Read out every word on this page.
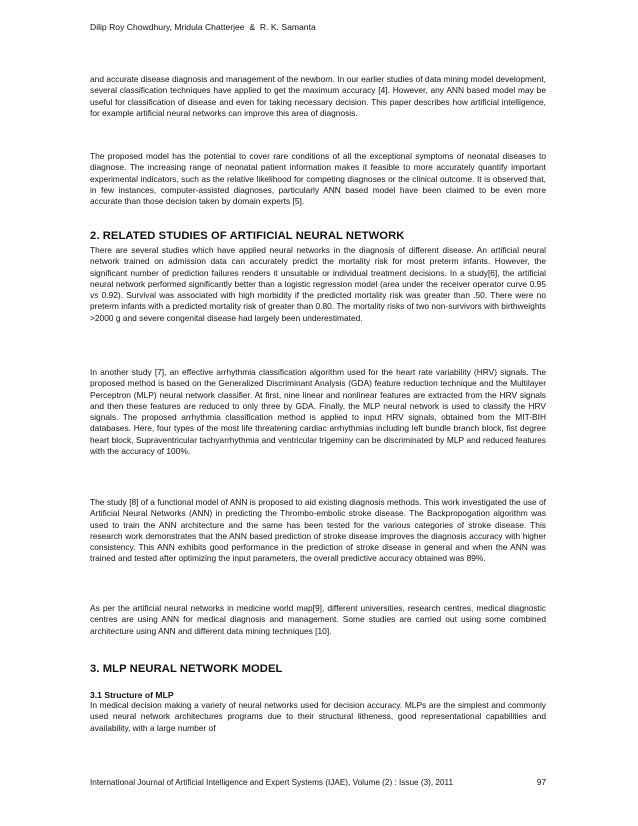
Dilip Roy Chowdhury, Mridula Chatterjee  &  R. K. Samanta

and accurate disease diagnosis and management of the newborn. In our earlier studies of data mining model development, several classification techniques have applied to get the maximum accuracy [4]. However, any ANN based model may be useful for classification of disease and even for taking necessary decision. This paper describes how artificial intelligence, for example artificial neural networks can improve this area of diagnosis.

The proposed model has the potential to cover rare conditions of all the exceptional symptoms of neonatal diseases to diagnose. The increasing range of neonatal patient information makes it feasible to more accurately quantify important experimental indicators, such as the relative likelihood for competing diagnoses or the clinical outcome. It is observed that, in few instances, computer-assisted diagnoses, particularly ANN based model have been claimed to be even more accurate than those decision taken by domain experts [5].

2. RELATED STUDIES OF ARTIFICIAL NEURAL NETWORK

There are several studies which have applied neural networks in the diagnosis of different disease. An artificial neural network trained on admission data can accurately predict the mortality risk for most preterm infants. However, the significant number of prediction failures renders it unsuitable or individual treatment decisions. In a study[6], the artificial neural network performed significantly better than a logistic regression model (area under the receiver operator curve 0.95 vs 0.92). Survival was associated with high morbidity if the predicted mortality risk was greater than .50. There were no preterm infants with a predicted mortality risk of greater than 0.80. The mortality risks of two non-survivors with birthweights >2000 g and severe congenital disease had largely been underestimated.

In another study [7], an effective arrhythmia classification algorithm used for the heart rate variability (HRV) signals. The proposed method is based on the Generalized Discriminant Analysis (GDA) feature reduction technique and the Multilayer Perceptron (MLP) neural network classifier. At first, nine linear and nonlinear features are extracted from the HRV signals and then these features are reduced to only three by GDA. Finally, the MLP neural network is used to classify the HRV signals. The proposed arrhythmia classification method is applied to input HRV signals, obtained from the MIT-BIH databases. Here, four types of the most life threatening cardiac arrhythmias including left bundle branch block, fist degree heart block, Supraventricular tachyarrhythmia and ventricular trigeminy can be discriminated by MLP and reduced features with the accuracy of 100%.

The study [8] of a functional model of ANN is proposed to aid existing diagnosis methods. This work investigated the use of Artificial Neural Networks (ANN) in predicting the Thrombo-embolic stroke disease. The Backpropogation algorithm was used to train the ANN architecture and the same has been tested for the various categories of stroke disease. This research work demonstrates that the ANN based prediction of stroke disease improves the diagnosis accuracy with higher consistency. This ANN exhibits good performance in the prediction of stroke disease in general and when the ANN was trained and tested after optimizing the input parameters, the overall predictive accuracy obtained was 89%.

As per the artificial neural networks in medicine world map[9], different universities, research centres, medical diagnostic centres are using ANN for medical diagnosis and management. Some studies are carried out using some combined architecture using ANN and different data mining techniques [10].

3. MLP NEURAL NETWORK MODEL
3.1 Structure of MLP

In medical decision making a variety of neural networks used for decision accuracy. MLPs are the simplest and commonly used neural network architectures programs due to their structural litheness, good representational capabilities and availability, with a large number of

International Journal of Artificial Intelligence and Expert Systems (IJAE), Volume (2) : Issue (3), 2011	97
